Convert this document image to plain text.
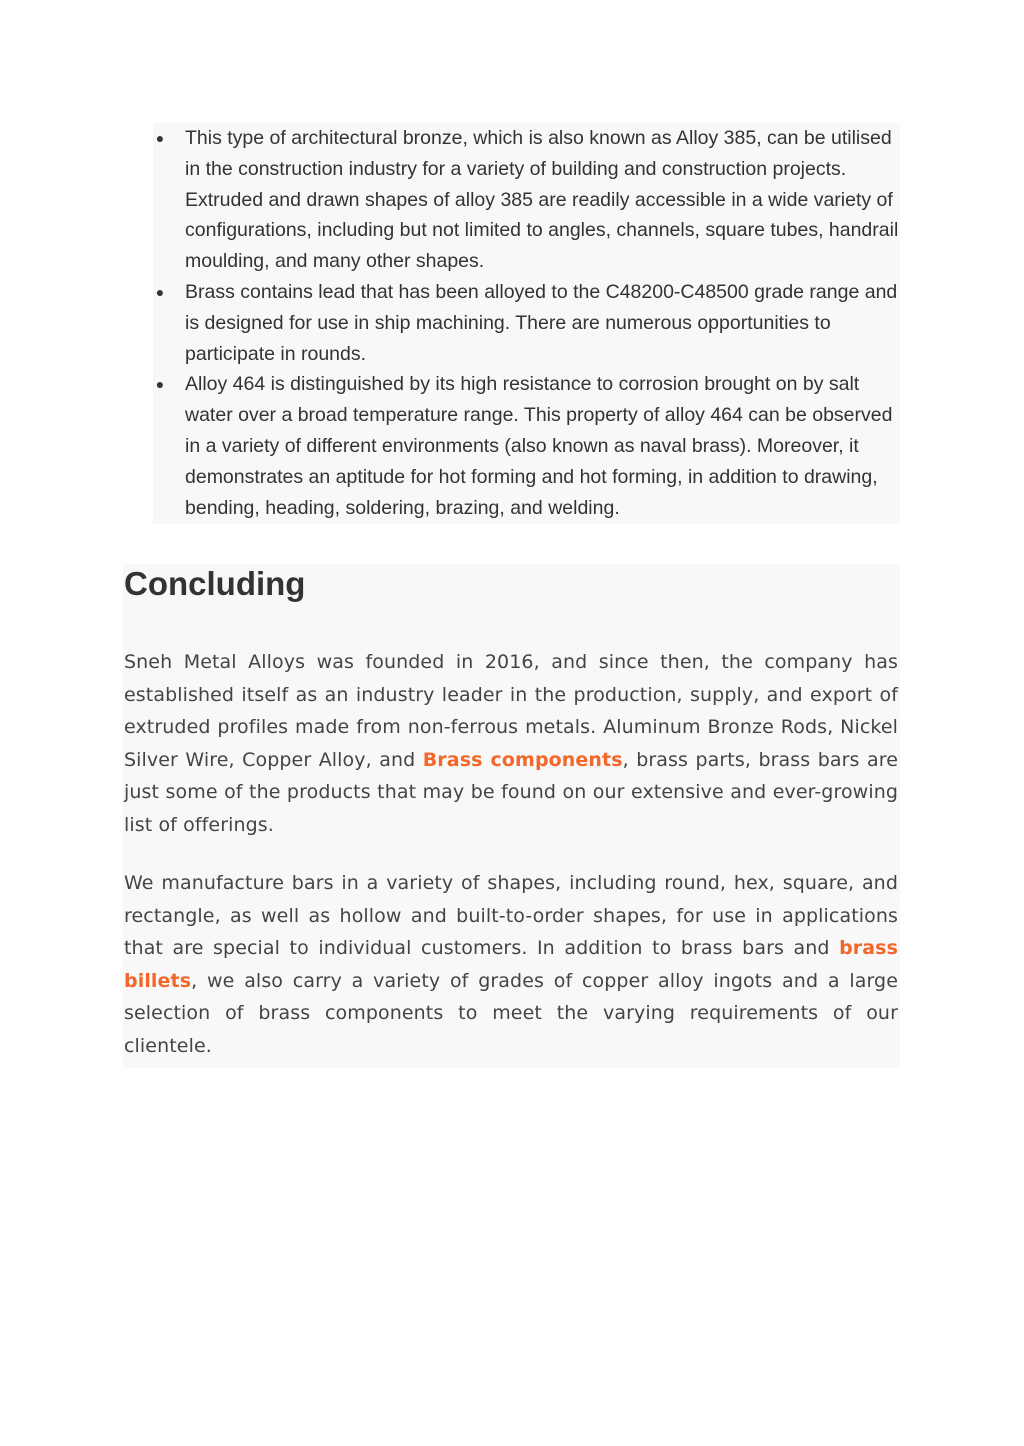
● This type of architectural bronze, which is also known as Alloy 385, can be utilised in the construction industry for a variety of building and construction projects. Extruded and drawn shapes of alloy 385 are readily accessible in a wide variety of configurations, including but not limited to angles, channels, square tubes, handrail moulding, and many other shapes.
● Brass contains lead that has been alloyed to the C48200-C48500 grade range and is designed for use in ship machining. There are numerous opportunities to participate in rounds.
● Alloy 464 is distinguished by its high resistance to corrosion brought on by salt water over a broad temperature range. This property of alloy 464 can be observed in a variety of different environments (also known as naval brass). Moreover, it demonstrates an aptitude for hot forming and hot forming, in addition to drawing, bending, heading, soldering, brazing, and welding.
Concluding

Sneh Metal Alloys was founded in 2016, and since then, the company has established itself as an industry leader in the production, supply, and export of extruded profiles made from non-ferrous metals. Aluminum Bronze Rods, Nickel Silver Wire, Copper Alloy, and Brass components, brass parts, brass bars are just some of the products that may be found on our extensive and ever-growing list of offerings.

We manufacture bars in a variety of shapes, including round, hex, square, and rectangle, as well as hollow and built-to-order shapes, for use in applications that are special to individual customers. In addition to brass bars and brass billets, we also carry a variety of grades of copper alloy ingots and a large selection of brass components to meet the varying requirements of our clientele.
